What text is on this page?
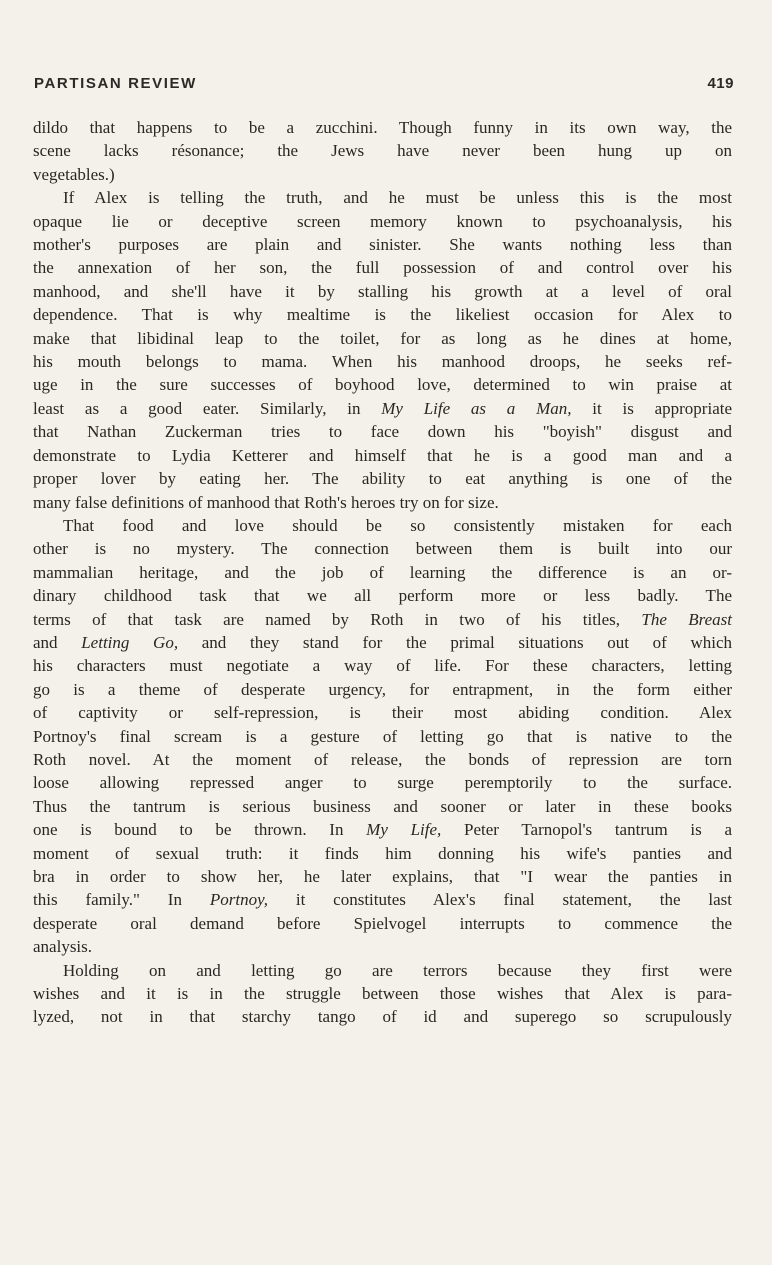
PARTISAN REVIEW	419

dildo that happens to be a zucchini. Though funny in its own way, the

scene lacks résonance; the Jews have never been hung up on

vegetables.)

If Alex is telling the truth, and he must be unless this is the most

opaque lie or deceptive screen memory known to psychoanalysis, his

mother's purposes are plain and sinister. She wants nothing less than

the annexation of her son, the full possession of and control over his

manhood, and she'll have it by stalling his growth at a level of oral

dependence. That is why mealtime is the likeliest occasion for Alex to

make that libidinal leap to the toilet, for as long as he dines at home,

his mouth belongs to mama. When his manhood droops, he seeks ref-

uge in the sure successes of boyhood love, determined to win praise at

least as a good eater. Similarly, in My Life as a Man, it is appropriate

that Nathan Zuckerman tries to face down his "boyish" disgust and

demonstrate to Lydia Ketterer and himself that he is a good man and a

proper lover by eating her. The ability to eat anything is one of the

many false definitions of manhood that Roth's heroes try on for size.

That food and love should be so consistently mistaken for each

other is no mystery. The connection between them is built into our

mammalian heritage, and the job of learning the difference is an or-

dinary childhood task that we all perform more or less badly. The

terms of that task are named by Roth in two of his titles, The Breast

and Letting Go, and they stand for the primal situations out of which

his characters must negotiate a way of life. For these characters, letting

go is a theme of desperate urgency, for entrapment, in the form either

of captivity or self-repression, is their most abiding condition. Alex

Portnoy's final scream is a gesture of letting go that is native to the

Roth novel. At the moment of release, the bonds of repression are torn

loose allowing repressed anger to surge peremptorily to the surface.

Thus the tantrum is serious business and sooner or later in these books

one is bound to be thrown. In My Life, Peter Tarnopol's tantrum is a

moment of sexual truth: it finds him donning his wife's panties and

bra in order to show her, he later explains, that "I wear the panties in

this family." In Portnoy, it constitutes Alex's final statement, the last

desperate oral demand before Spielvogel interrupts to commence the

analysis.

Holding on and letting go are terrors because they first were

wishes and it is in the struggle between those wishes that Alex is para-

lyzed, not in that starchy tango of id and superego so scrupulously
